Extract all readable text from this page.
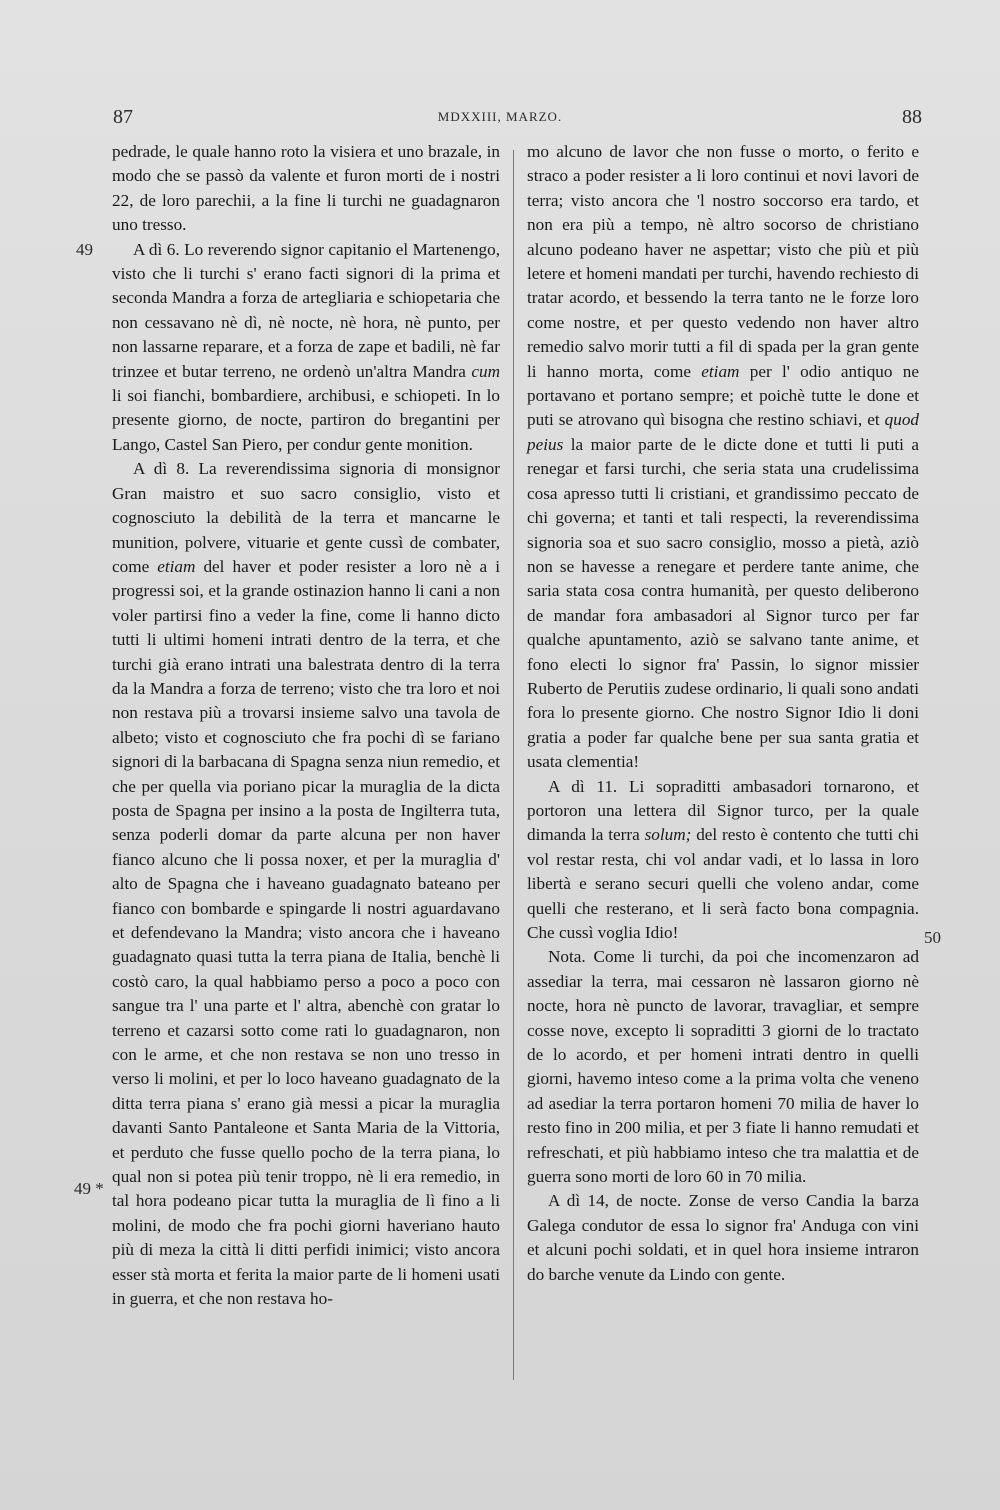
87	MDXXIII, MARZO.	88
49
49 *
50

pedrade, le quale hanno roto la visiera et uno brazale, in modo che se passò da valente et furon morti de i nostri 22, de loro parechii, a la fine li turchi ne guadagnaron uno tresso.

A dì 6. Lo reverendo signor capitanio el Martenengo, visto che li turchi s' erano facti signori di la prima et seconda Mandra a forza de artegliaria e schiopetaria che non cessavano nè dì, nè nocte, nè hora, nè punto, per non lassarne reparare, et a forza de zape et badili, nè far trinzee et butar terreno, ne ordenò un'altra Mandra cum li soi fianchi, bombardiere, archibusi, e schiopeti. In lo presente giorno, de nocte, partiron do bregantini per Lango, Castel San Piero, per condur gente monition.

A dì 8. La reverendissima signoria di monsignor Gran maistro et suo sacro consiglio, visto et cognosciuto la debilità de la terra et mancarne le munition, polvere, vituarie et gente cussì de combater, come etiam del haver et poder resister a loro nè a i progressi soi, et la grande ostinazion hanno li cani a non voler partirsi fino a veder la fine, come li hanno dicto tutti li ultimi homeni intrati dentro de la terra, et che turchi già erano intrati una balestrata dentro di la terra da la Mandra a forza de terreno; visto che tra loro et noi non restava più a trovarsi insieme salvo una tavola de albeto; visto et cognosciuto che fra pochi dì se fariano signori di la barbacana di Spagna senza niun remedio, et che per quella via poriano picar la muraglia de la dicta posta de Spagna per insino a la posta de Ingilterra tuta, senza poderli domar da parte alcuna per non haver fianco alcuno che li possa noxer, et per la muraglia d' alto de Spagna che i haveano guadagnato bateano per fianco con bombarde e spingarde li nostri aguardavano et defendevano la Mandra; visto ancora che i haveano guadagnato quasi tutta la terra piana de Italia, benchè li costò caro, la qual habbiamo perso a poco a poco con sangue tra l' una parte et l' altra, abenchè con gratar lo terreno et cazarsi sotto come rati lo guadagnaron, non con le arme, et che non restava se non uno tresso in verso li molini, et per lo loco haveano guadagnato de la ditta terra piana s' erano già messi a picar la muraglia davanti Santo Pantaleone et Santa Maria de la Vittoria, et perduto che fusse quello pocho de la terra piana, lo qual non si potea più tenir troppo, nè li era remedio, in tal hora podeano picar tutta la muraglia de lì fino a li molini, de modo che fra pochi giorni haveriano hauto più di meza la città li ditti perfidi inimici; visto ancora esser stà morta et ferita la maior parte de li homeni usati in guerra, et che non restava ho-

mo alcuno de lavor che non fusse o morto, o ferito e straco a poder resister a li loro continui et novi lavori de terra; visto ancora che 'l nostro soccorso era tardo, et non era più a tempo, nè altro socorso de christiano alcuno podeano haver ne aspettar; visto che più et più letere et homeni mandati per turchi, havendo rechiesto di tratar acordo, et bessendo la terra tanto ne le forze loro come nostre, et per questo vedendo non haver altro remedio salvo morir tutti a fil di spada per la gran gente li hanno morta, come etiam per l' odio antiquo ne portavano et portano sempre; et poichè tutte le done et puti se atrovano quì bisogna che restino schiavi, et quod peius la maior parte de le dicte done et tutti li puti a renegar et farsi turchi, che seria stata una crudelissima cosa apresso tutti li cristiani, et grandissimo peccato de chi governa; et tanti et tali respecti, la reverendissima signoria soa et suo sacro consiglio, mosso a pietà, aziò non se havesse a renegare et perdere tante anime, che saria stata cosa contra humanità, per questo deliberono de mandar fora ambasadori al Signor turco per far qualche apuntamento, aziò se salvano tante anime, et fono electi lo signor fra' Passin, lo signor missier Ruberto de Perutiis zudese ordinario, li quali sono andati fora lo presente giorno. Che nostro Signor Idio li doni gratia a poder far qualche bene per sua santa gratia et usata clementia!

A dì 11. Li sopraditti ambasadori tornarono, et portoron una lettera dil Signor turco, per la quale dimanda la terra solum; del resto è contento che tutti chi vol restar resta, chi vol andar vadi, et lo lassa in loro libertà e serano securi quelli che voleno andar, come quelli che resterano, et li serà facto bona compagnia. Che cussì voglia Idio!

Nota. Come li turchi, da poi che incomenzaron ad assediar la terra, mai cessaron nè lassaron giorno nè nocte, hora nè puncto de lavorar, travagliar, et sempre cosse nove, excepto li sopraditti 3 giorni de lo tractato de lo acordo, et per homeni intrati dentro in quelli giorni, havemo inteso come a la prima volta che veneno ad asediar la terra portaron homeni 70 milia de haver lo resto fino in 200 milia, et per 3 fiate li hanno remudati et refreschati, et più habbiamo inteso che tra malattia et de guerra sono morti de loro 60 in 70 milia.

A dì 14, de nocte. Zonse de verso Candia la barza Galega condutor de essa lo signor fra' Anduga con vini et alcuni pochi soldati, et in quel hora insieme intraron do barche venute da Lindo con gente.
